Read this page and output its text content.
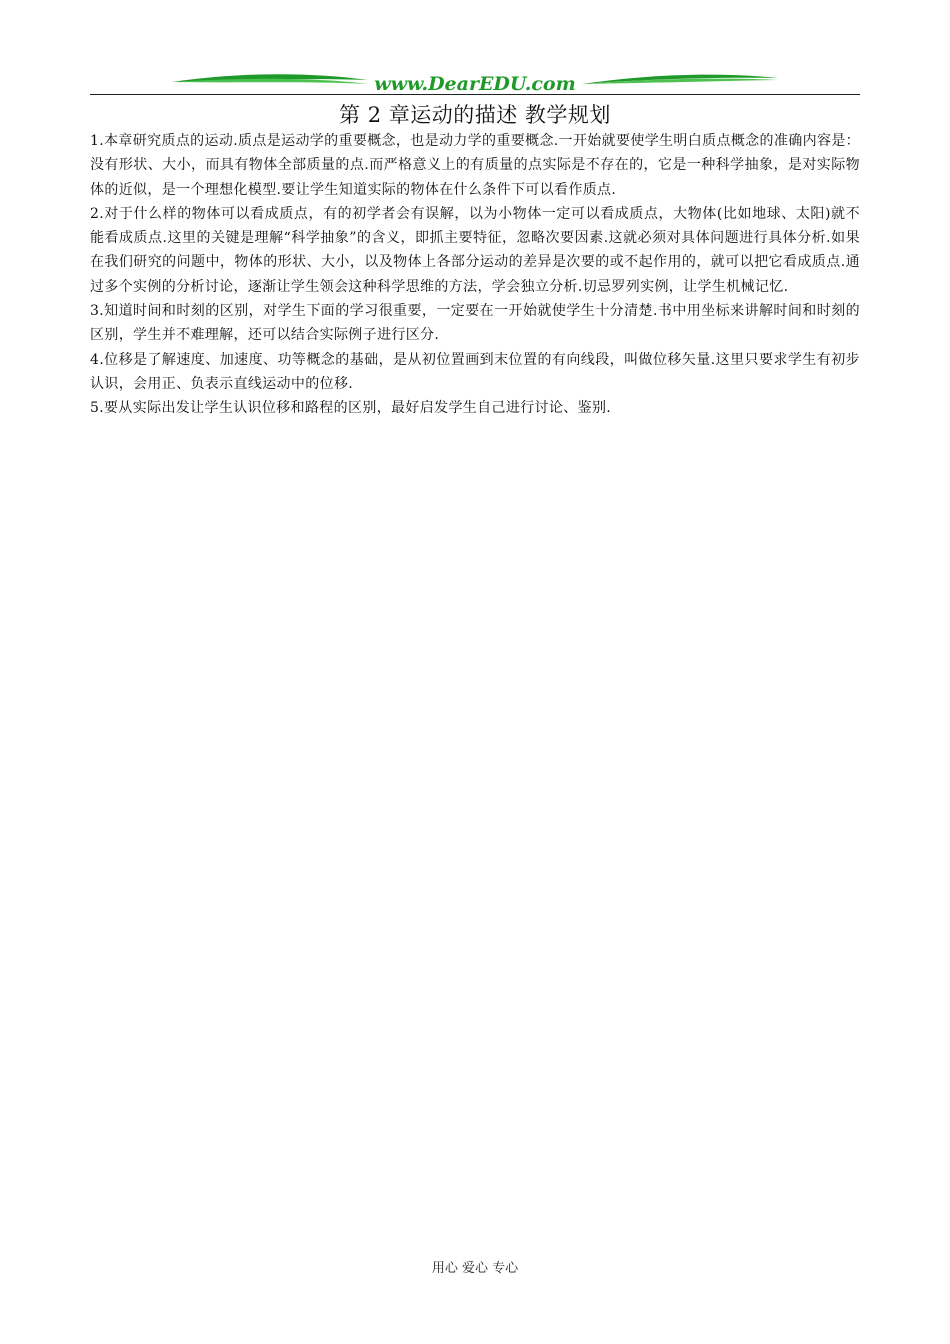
www.DearEDU.com
第 2 章运动的描述 教学规划

1.本章研究质点的运动.质点是运动学的重要概念，也是动力学的重要概念.一开始就要使学生明白质点概念的准确内容是：没有形状、大小，而具有物体全部质量的点.而严格意义上的有质量的点实际是不存在的，它是一种科学抽象，是对实际物体的近似，是一个理想化模型.要让学生知道实际的物体在什么条件下可以看作质点.

2.对于什么样的物体可以看成质点，有的初学者会有误解，以为小物体一定可以看成质点，大物体(比如地球、太阳)就不能看成质点.这里的关键是理解“科学抽象”的含义，即抓主要特征，忽略次要因素.这就必须对具体问题进行具体分析.如果在我们研究的问题中，物体的形状、大小，以及物体上各部分运动的差异是次要的或不起作用的，就可以把它看成质点.通过多个实例的分析讨论，逐渐让学生领会这种科学思维的方法，学会独立分析.切忌罗列实例，让学生机械记忆.

3.知道时间和时刻的区别，对学生下面的学习很重要，一定要在一开始就使学生十分清楚.书中用坐标来讲解时间和时刻的区别，学生并不难理解，还可以结合实际例子进行区分.

4.位移是了解速度、加速度、功等概念的基础，是从初位置画到末位置的有向线段，叫做位移矢量.这里只要求学生有初步认识，会用正、负表示直线运动中的位移.

5.要从实际出发让学生认识位移和路程的区别，最好启发学生自己进行讨论、鉴别.

用心 爱心 专心
